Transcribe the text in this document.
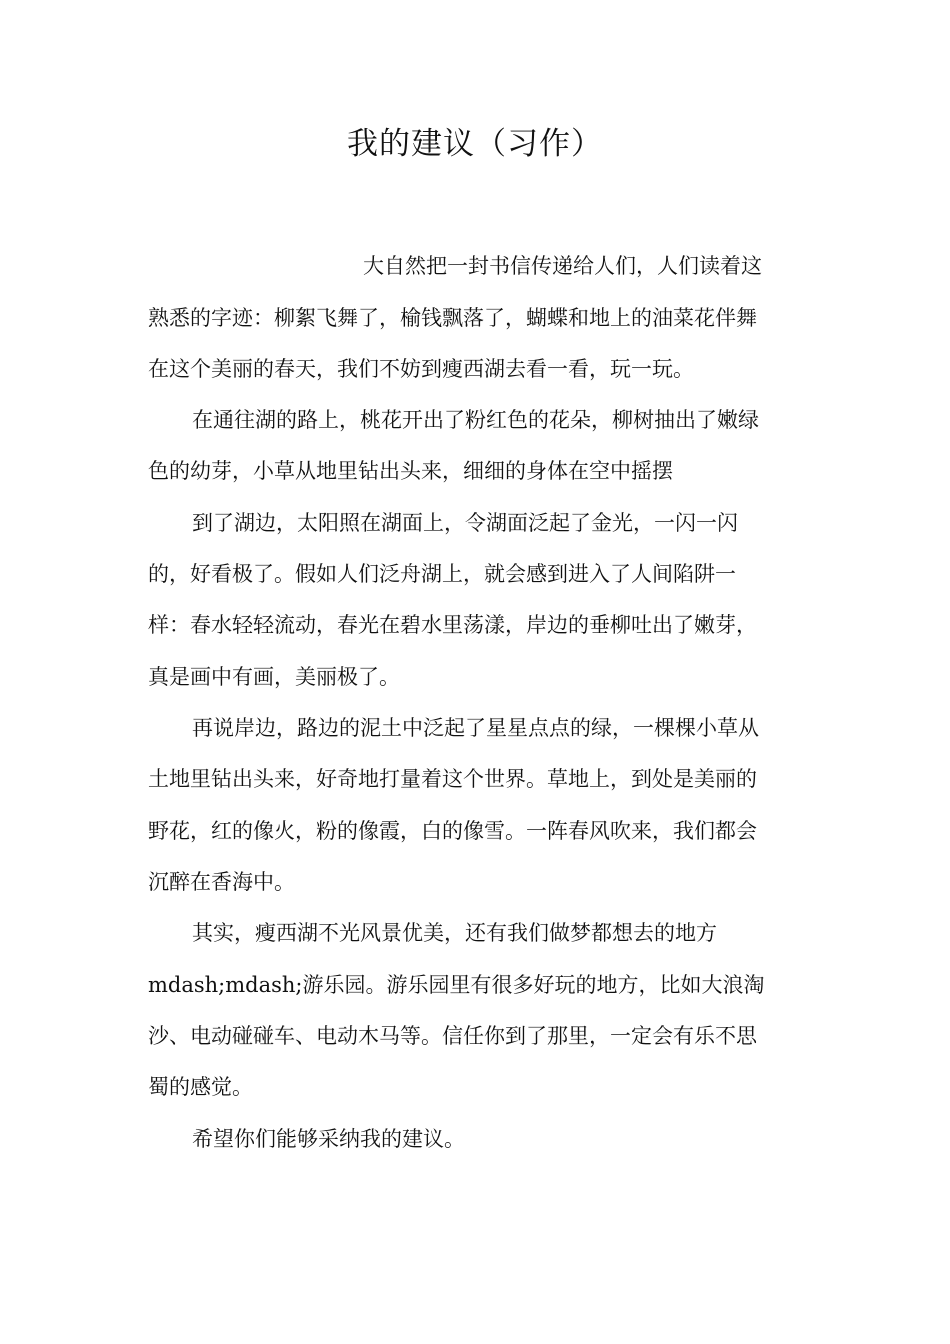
我的建议（习作）
大自然把一封书信传递给人们，人们读着这
熟悉的字迹：柳絮飞舞了，榆钱飘落了，蝴蝶和地上的油菜花伴舞
在这个美丽的春天，我们不妨到瘦西湖去看一看，玩一玩。
在通往湖的路上，桃花开出了粉红色的花朵，柳树抽出了嫩绿
色的幼芽，小草从地里钻出头来，细细的身体在空中摇摆
到了湖边，太阳照在湖面上，令湖面泛起了金光，一闪一闪
的，好看极了。假如人们泛舟湖上，就会感到进入了人间陷阱一
样：春水轻轻流动，春光在碧水里荡漾，岸边的垂柳吐出了嫩芽，
真是画中有画，美丽极了。
再说岸边，路边的泥土中泛起了星星点点的绿，一棵棵小草从
土地里钻出头来，好奇地打量着这个世界。草地上，到处是美丽的
野花，红的像火，粉的像霞，白的像雪。一阵春风吹来，我们都会
沉醉在香海中。
其实，瘦西湖不光风景优美，还有我们做梦都想去的地方
mdash;mdash;游乐园。游乐园里有很多好玩的地方，比如大浪淘
沙、电动碰碰车、电动木马等。信任你到了那里，一定会有乐不思
蜀的感觉。
希望你们能够采纳我的建议。
